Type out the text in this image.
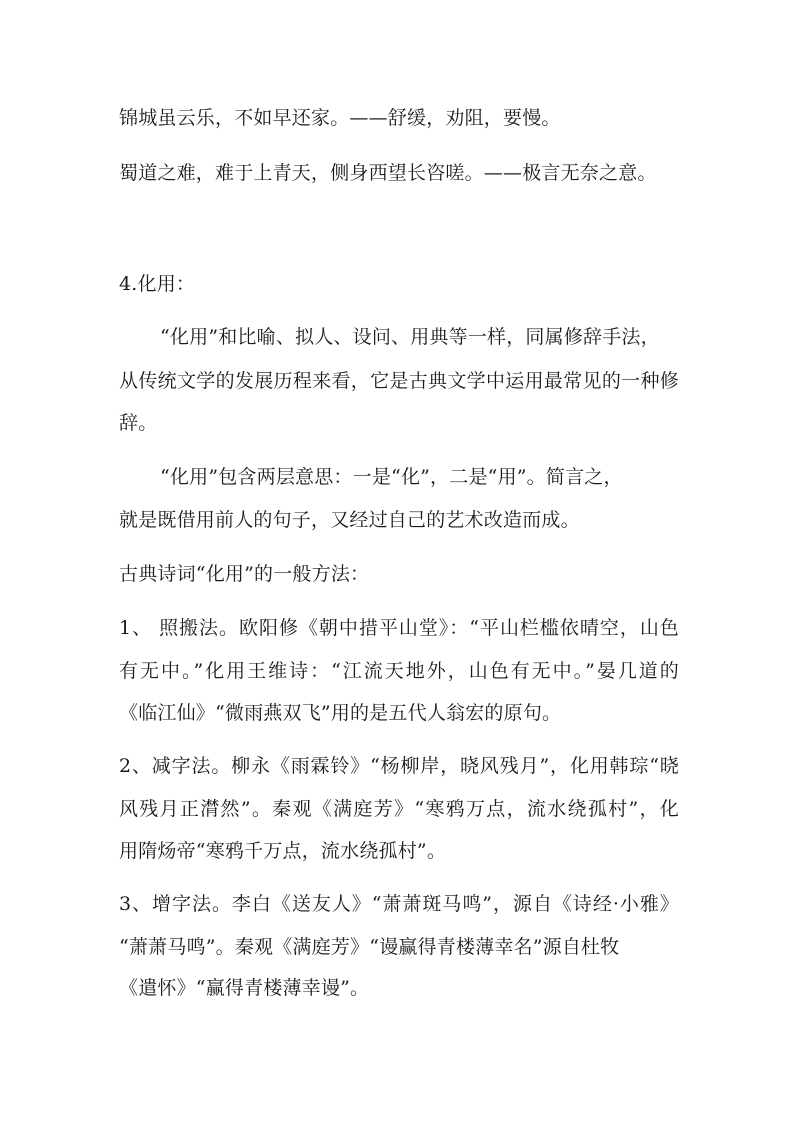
锦城虽云乐，不如早还家。——舒缓，劝阻，要慢。
蜀道之难，难于上青天，侧身西望长咨嗟。——极言无奈之意。
4.化用：
“化用”和比喻、拟人、设问、用典等一样，同属修辞手法，
从传统文学的发展历程来看，它是古典文学中运用最常见的一种修
辞。
“化用”包含两层意思：一是“化”，二是“用”。简言之，
就是既借用前人的句子，又经过自己的艺术改造而成。
古典诗词“化用”的一般方法：
1、 照搬法。欧阳修《朝中措平山堂》：“平山栏槛依晴空，山色
有无中。”化用王维诗：“江流天地外，山色有无中。”晏几道的
《临江仙》“微雨燕双飞”用的是五代人翁宏的原句。
2、减字法。柳永《雨霖铃》“杨柳岸，晓风残月”，化用韩琮“晓
风残月正潸然”。秦观《满庭芳》“寒鸦万点，流水绕孤村”，化
用隋炀帝“寒鸦千万点，流水绕孤村”。
3、增字法。李白《送友人》“萧萧斑马鸣”，源自《诗经·小雅》
“萧萧马鸣”。秦观《满庭芳》“谩赢得青楼薄幸名”源自杜牧
《遣怀》“赢得青楼薄幸谩”。
